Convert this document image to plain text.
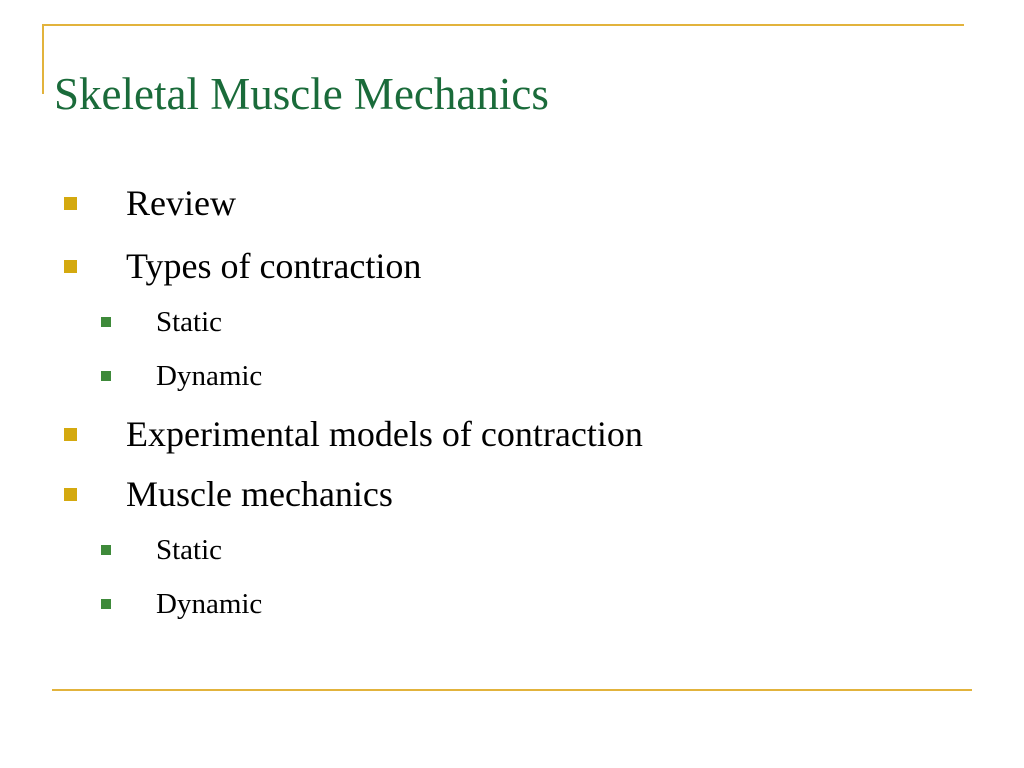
Skeletal Muscle Mechanics
Review
Types of contraction
Static
Dynamic
Experimental models of contraction
Muscle mechanics
Static
Dynamic
